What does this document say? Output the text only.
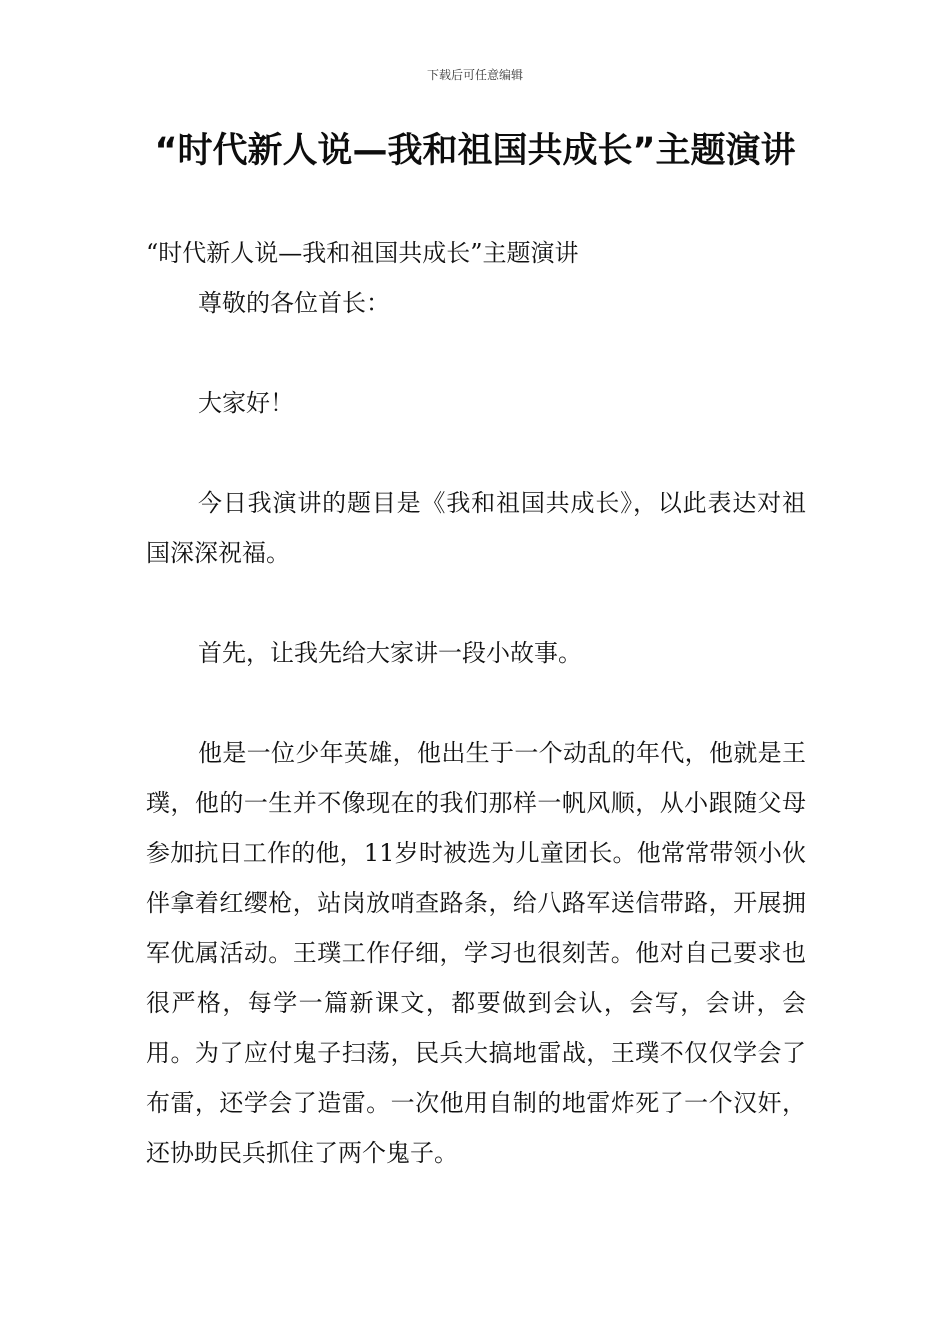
下载后可任意编辑
“时代新人说—我和祖国共成长”主题演讲

“时代新人说—我和祖国共成长”主题演讲

尊敬的各位首长：

大家好！

今日我演讲的题目是《我和祖国共成长》，以此表达对祖国深深祝福。

首先，让我先给大家讲一段小故事。

他是一位少年英雄，他出生于一个动乱的年代，他就是王璞，他的一生并不像现在的我们那样一帆风顺，从小跟随父母参加抗日工作的他，11岁时被选为儿童团长。他常常带领小伙伴拿着红缨枪，站岗放哨查路条，给八路军送信带路，开展拥军优属活动。王璞工作仔细，学习也很刻苦。他对自己要求也很严格，每学一篇新课文，都要做到会认，会写，会讲，会用。为了应付鬼子扫荡，民兵大搞地雷战，王璞不仅仅学会了布雷，还学会了造雷。一次他用自制的地雷炸死了一个汉奸，还协助民兵抓住了两个鬼子。
